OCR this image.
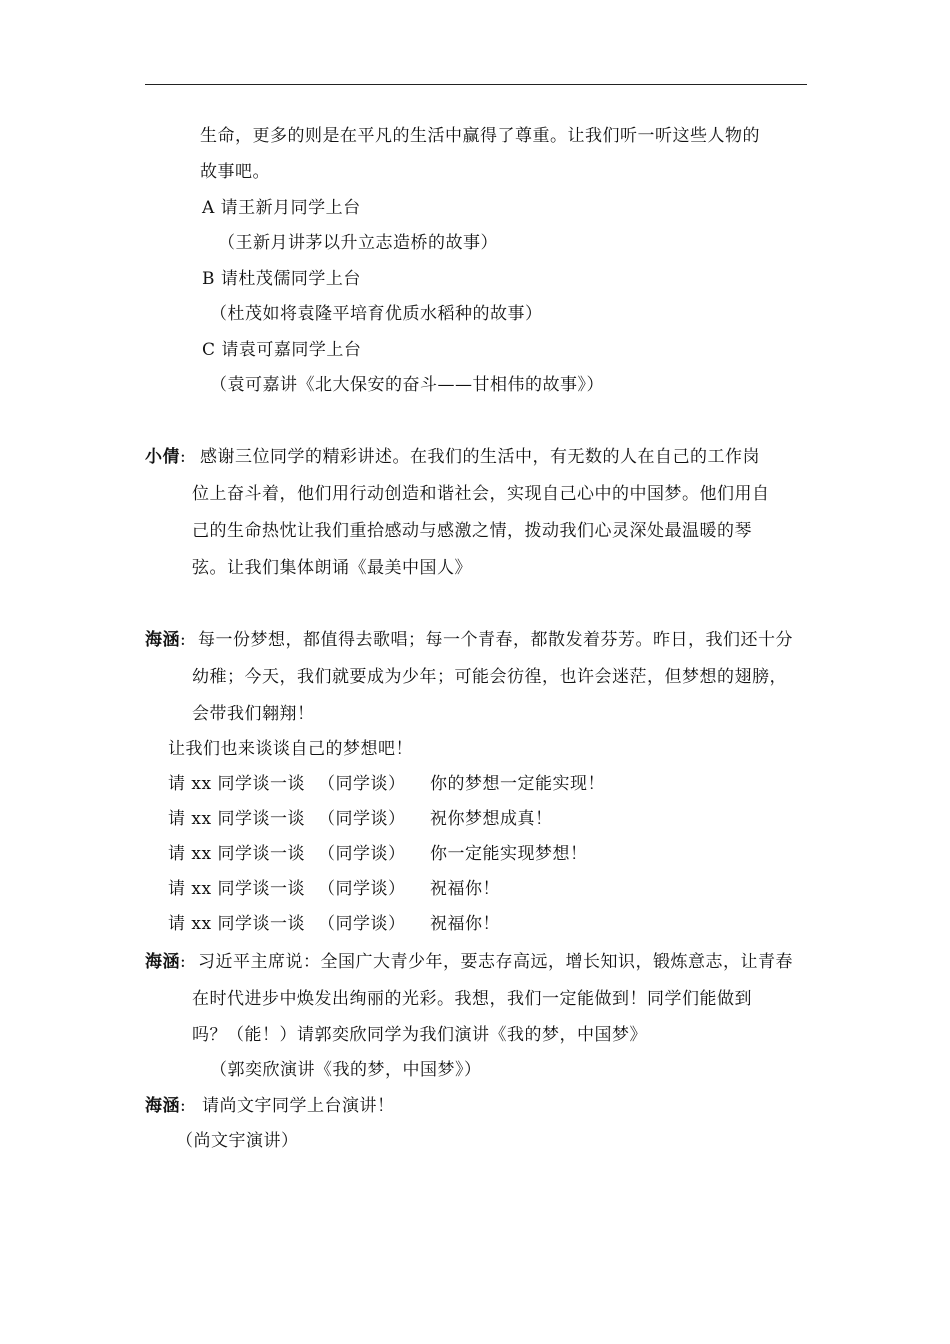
生命，更多的则是在平凡的生活中赢得了尊重。让我们听一听这些人物的
故事吧。
A 请王新月同学上台
（王新月讲茅以升立志造桥的故事）
B 请杜茂儒同学上台
（杜茂如将袁隆平培育优质水稻种的故事）
C 请袁可嘉同学上台
（袁可嘉讲《北大保安的奋斗——甘相伟的故事》）
小倩: 感谢三位同学的精彩讲述。在我们的生活中，有无数的人在自己的工作岗
位上奋斗着，他们用行动创造和谐社会，实现自己心中的中国梦。他们用自
己的生命热忱让我们重拾感动与感激之情，拨动我们心灵深处最温暖的琴
弦。让我们集体朗诵《最美中国人》
海涵: 每一份梦想，都值得去歌唱；每一个青春，都散发着芬芳。昨日，我们还十分
幼稚；今天，我们就要成为少年；可能会彷徨，也许会迷茫，但梦想的翅膀，
会带我们翱翔！
让我们也来谈谈自己的梦想吧！
请 xx 同学谈一谈 （同学谈） 你的梦想一定能实现！
请 xx 同学谈一谈 （同学谈） 祝你梦想成真！
请 xx 同学谈一谈 （同学谈） 你一定能实现梦想！
请 xx 同学谈一谈 （同学谈） 祝福你！
请 xx 同学谈一谈 （同学谈） 祝福你！
海涵: 习近平主席说：全国广大青少年，要志存高远，增长知识，锻炼意志，让青春
在时代进步中焕发出绚丽的光彩。我想，我们一定能做到！同学们能做到
吗？（能！）请郭奕欣同学为我们演讲《我的梦，中国梦》
（郭奕欣演讲《我的梦，中国梦》）
海涵: 请尚文宇同学上台演讲！
（尚文宇演讲）
